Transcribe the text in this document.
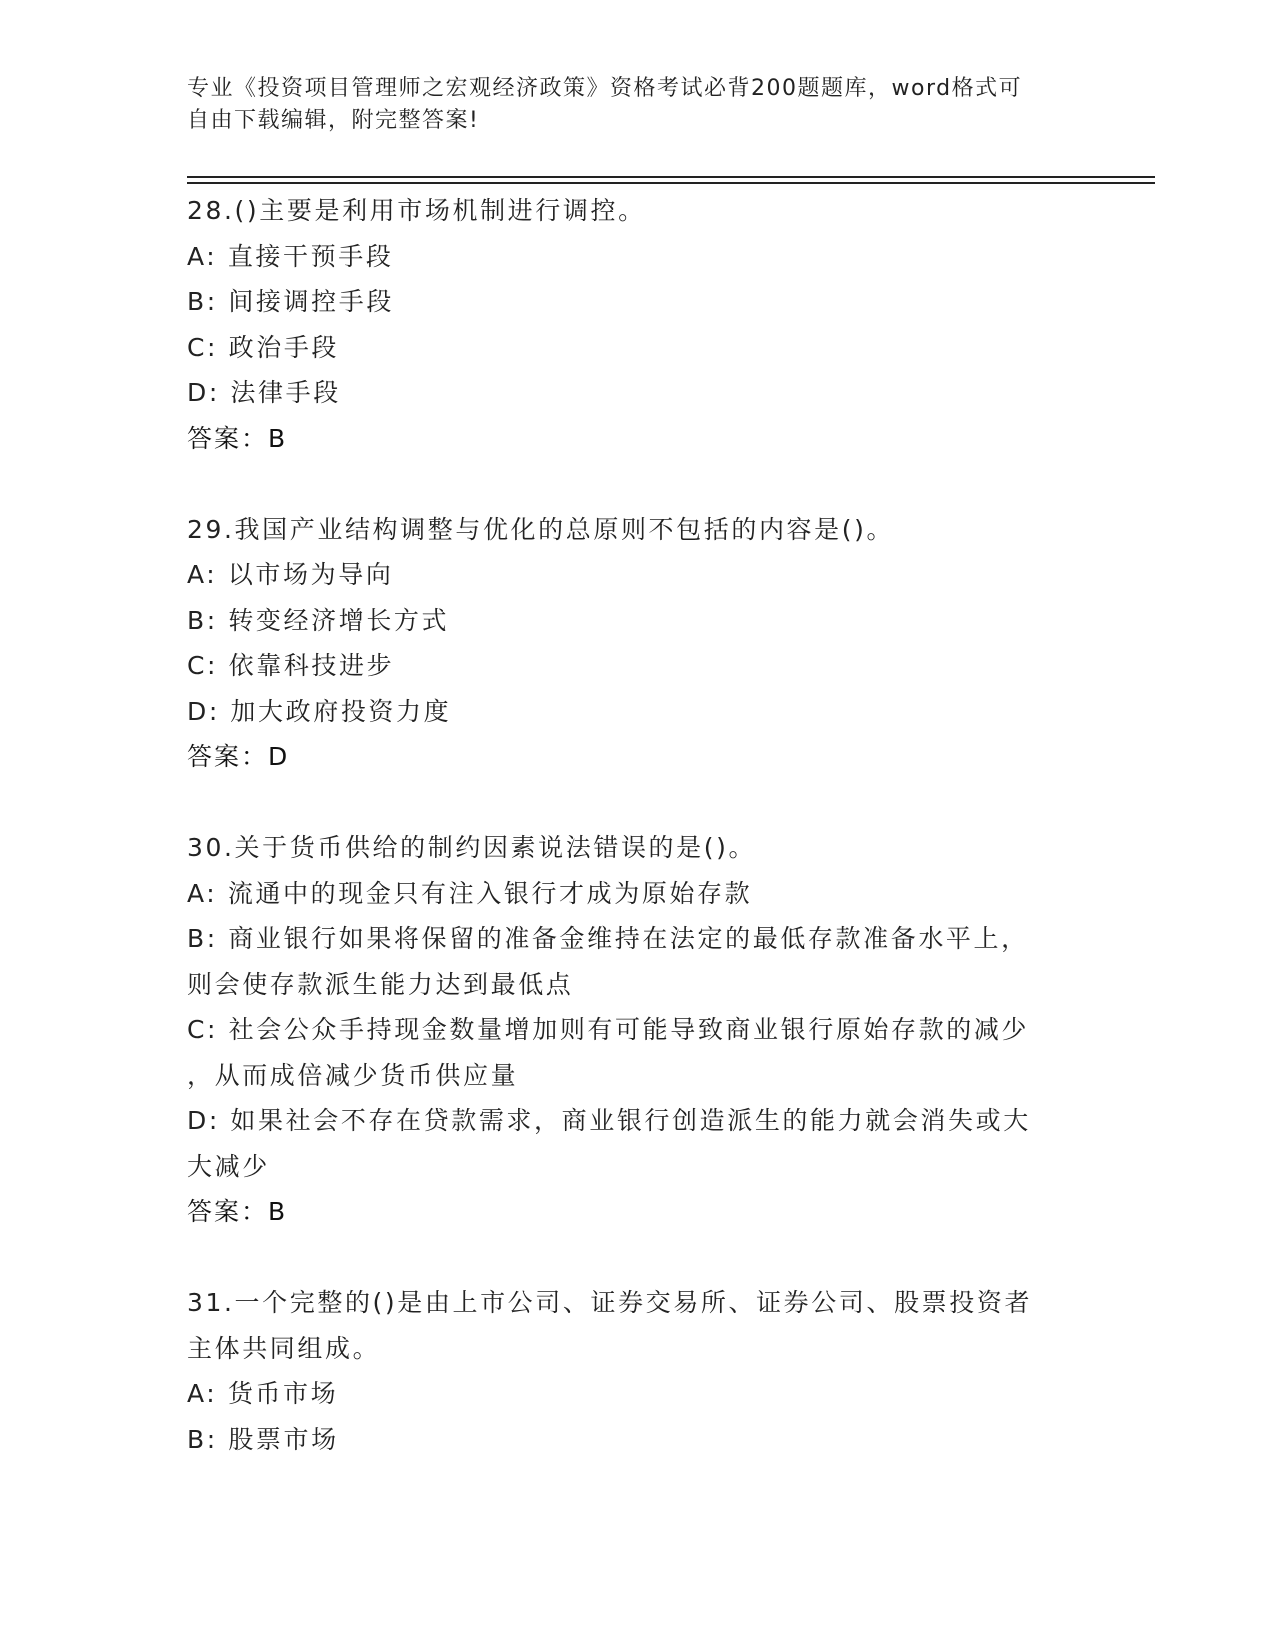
专业《投资项目管理师之宏观经济政策》资格考试必背200题题库，word格式可
自由下载编辑，附完整答案!
28.()主要是利用市场机制进行调控。
A: 直接干预手段
B: 间接调控手段
C: 政治手段
D: 法律手段
答案：B
29.我国产业结构调整与优化的总原则不包括的内容是()。
A: 以市场为导向
B: 转变经济增长方式
C: 依靠科技进步
D: 加大政府投资力度
答案：D
30.关于货币供给的制约因素说法错误的是()。
A: 流通中的现金只有注入银行才成为原始存款
B: 商业银行如果将保留的准备金维持在法定的最低存款准备水平上，
则会使存款派生能力达到最低点
C: 社会公众手持现金数量增加则有可能导致商业银行原始存款的减少
，从而成倍减少货币供应量
D: 如果社会不存在贷款需求，商业银行创造派生的能力就会消失或大
大减少
答案：B
31.一个完整的()是由上市公司、证券交易所、证券公司、股票投资者
主体共同组成。
A: 货币市场
B: 股票市场
